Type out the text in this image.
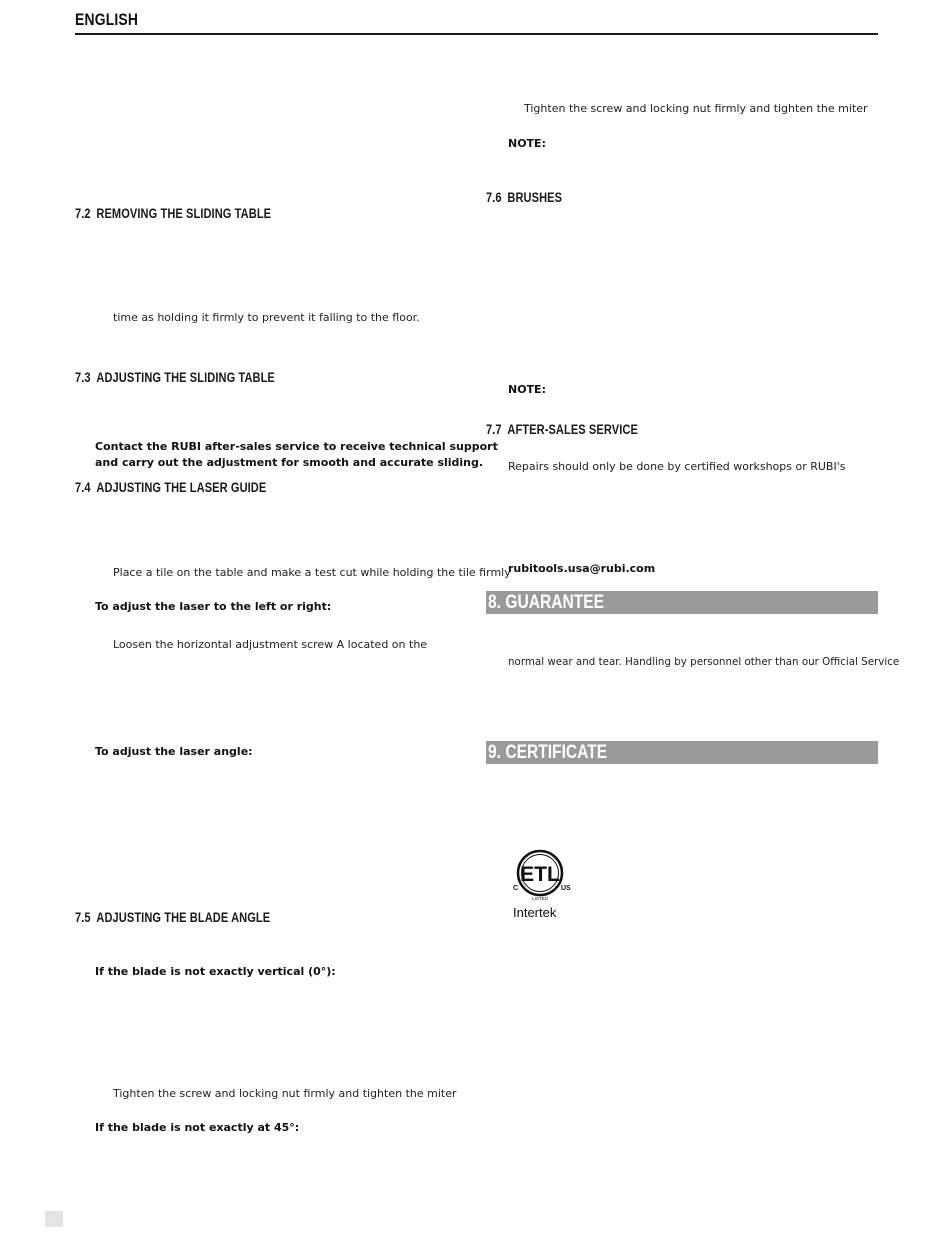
ENGLISH
7.2 REMOVING THE SLIDING TABLE
time as holding it firmly to prevent it falling to the floor.
7.3 ADJUSTING THE SLIDING TABLE
Contact the RUBI after-sales service to receive technical support
and carry out the adjustment for smooth and accurate sliding.
7.4 ADJUSTING THE LASER GUIDE
Place a tile on the table and make a test cut while holding the tile firmly
To adjust the laser to the left or right:
Loosen the horizontal adjustment screw A located on the
To adjust the laser angle:
7.5 ADJUSTING THE BLADE ANGLE
If the blade is not exactly vertical (0°):
Tighten the screw and locking nut firmly and tighten the miter
If the blade is not exactly at 45°:
Tighten the screw and locking nut firmly and tighten the miter
NOTE:
7.6 BRUSHES
NOTE:
7.7 AFTER-SALES SERVICE
Repairs should only be done by certified workshops or RUBI's
rubitools.usa@rubi.com
8. GUARANTEE
normal wear and tear. Handling by personnel other than our Official Service
9. CERTIFICATE
ETL
C	US
LISTED
Intertek
